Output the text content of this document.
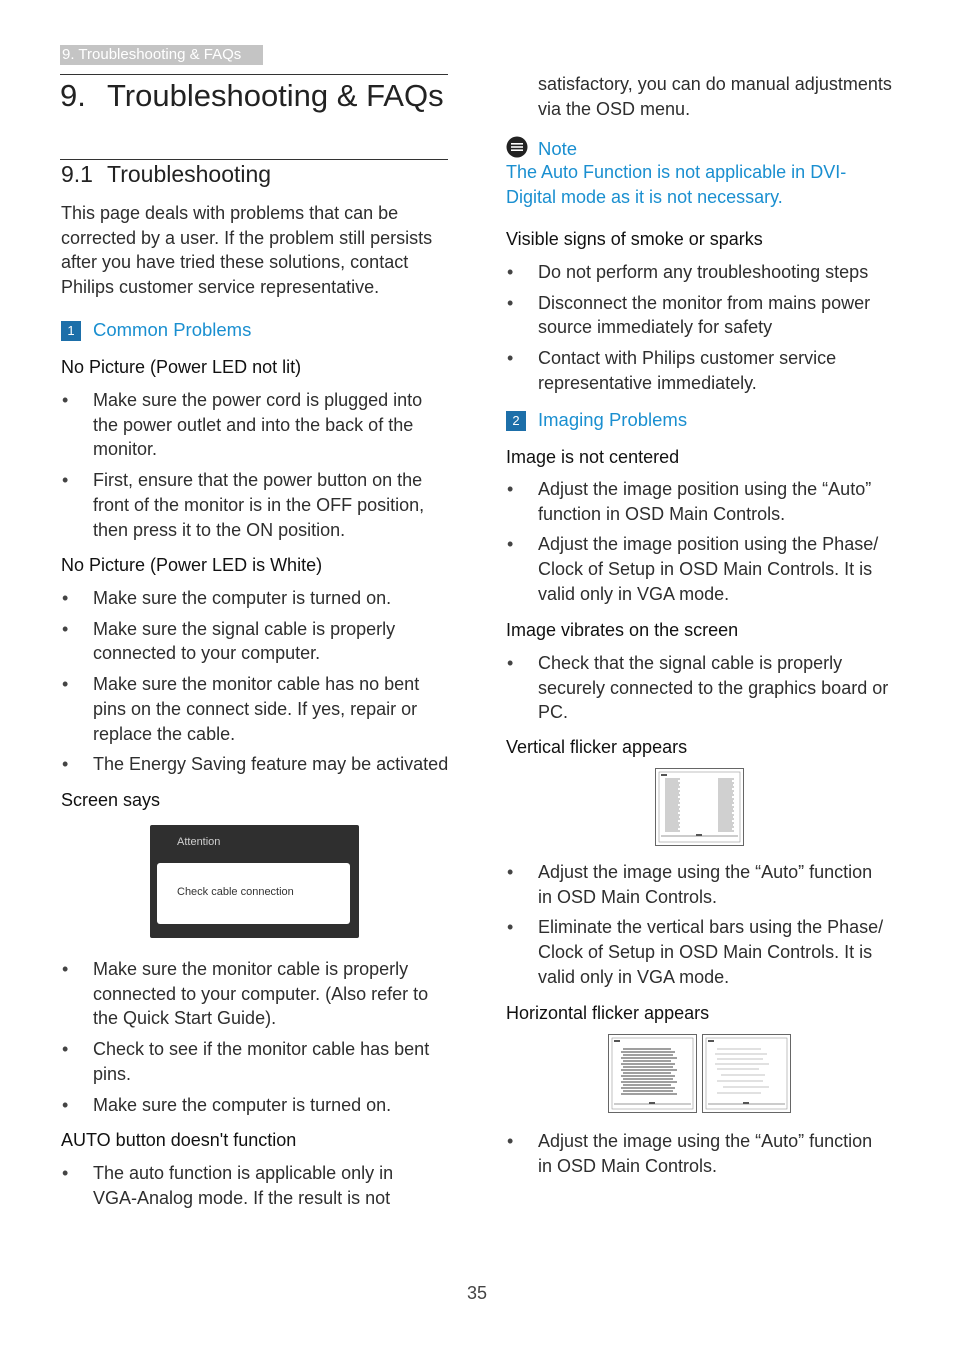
9. Troubleshooting & FAQs
9. Troubleshooting & FAQs
9.1 Troubleshooting
This page deals with problems that can be corrected by a user. If the problem still persists after you have tried these solutions, contact Philips customer service representative.
1 Common Problems
No Picture (Power LED not lit)
• Make sure the power cord is plugged into the power outlet and into the back of the monitor.
• First, ensure that the power button on the front of the monitor is in the OFF position, then press it to the ON position.
No Picture (Power LED is White)
• Make sure the computer is turned on.
• Make sure the signal cable is properly connected to your computer.
• Make sure the monitor cable has no bent pins on the connect side. If yes, repair or replace the cable.
• The Energy Saving feature may be activated
Screen says
Attention
Check cable connection
• Make sure the monitor cable is properly connected to your computer. (Also refer to the Quick Start Guide).
• Check to see if the monitor cable has bent pins.
• Make sure the computer is turned on.
AUTO button doesn't function
• The auto function is applicable only in VGA-Analog mode. If the result is not
satisfactory, you can do manual adjustments via the OSD menu.
Note
The Auto Function is not applicable in DVI-Digital mode as it is not necessary.
Visible signs of smoke or sparks
• Do not perform any troubleshooting steps
• Disconnect the monitor from mains power source immediately for safety
• Contact with Philips customer service representative immediately.
2 Imaging Problems
Image is not centered
• Adjust the image position using the “Auto” function in OSD Main Controls.
• Adjust the image position using the Phase/ Clock of Setup in OSD Main Controls. It is valid only in VGA mode.
Image vibrates on the screen
• Check that the signal cable is properly securely connected to the graphics board or PC.
Vertical flicker appears
• Adjust the image using the “Auto” function in OSD Main Controls.
• Eliminate the vertical bars using the Phase/ Clock of Setup in OSD Main Controls. It is valid only in VGA mode.
Horizontal flicker appears
• Adjust the image using the “Auto” function in OSD Main Controls.
35
